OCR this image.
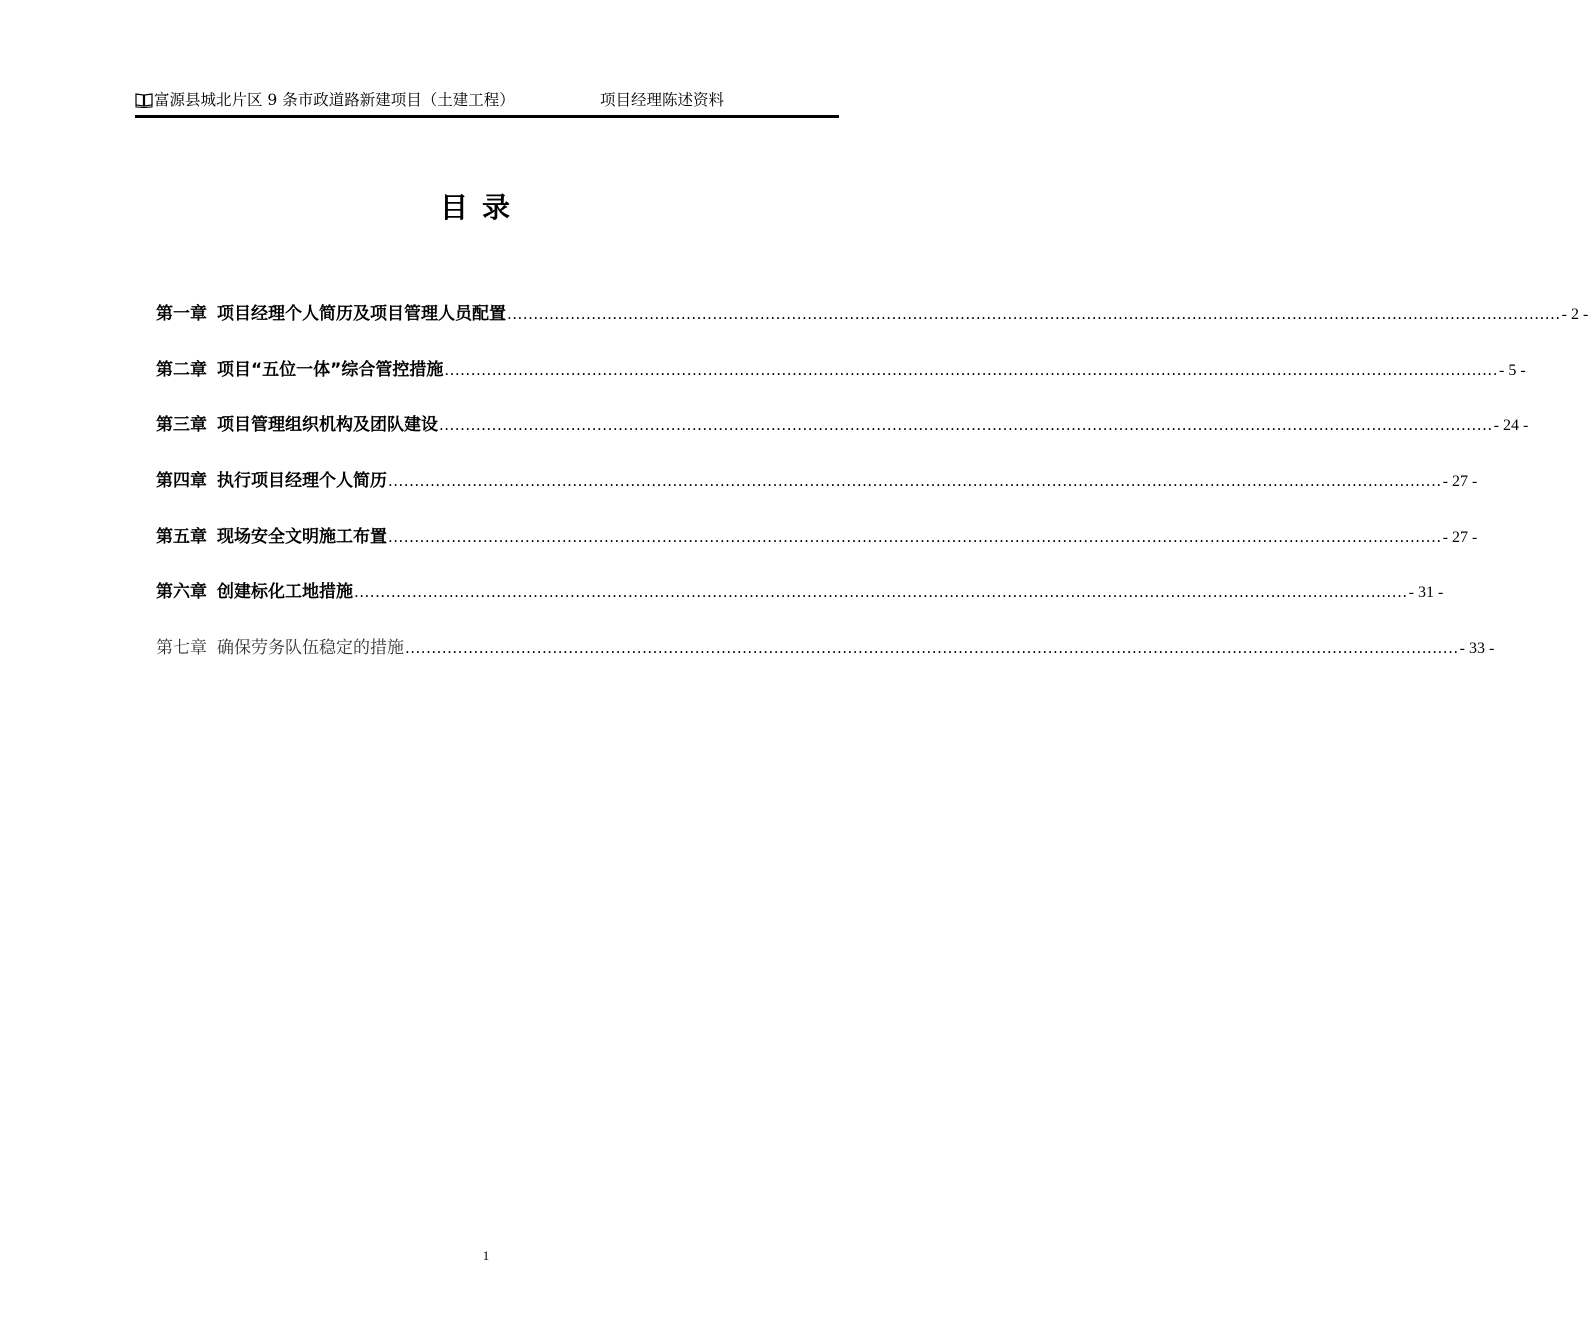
富源县城北片区 9 条市政道路新建项目（土建工程）	项目经理陈述资料
目录
第一章 项目经理个人简历及项目管理人员配置 ........................................................................................................................................................................................................ - 2 -
第二章 项目“五位一体”综合管控措施 ........................................................................................................................................................................................................ - 5 -
第三章 项目管理组织机构及团队建设 ........................................................................................................................................................................................................ - 24 -
第四章 执行项目经理个人简历 ........................................................................................................................................................................................................ - 27 -
第五章 现场安全文明施工布置 ........................................................................................................................................................................................................ - 27 -
第六章 创建标化工地措施 ........................................................................................................................................................................................................ - 31 -
第七章 确保劳务队伍稳定的措施 ........................................................................................................................................................................................................ - 33 -
1
